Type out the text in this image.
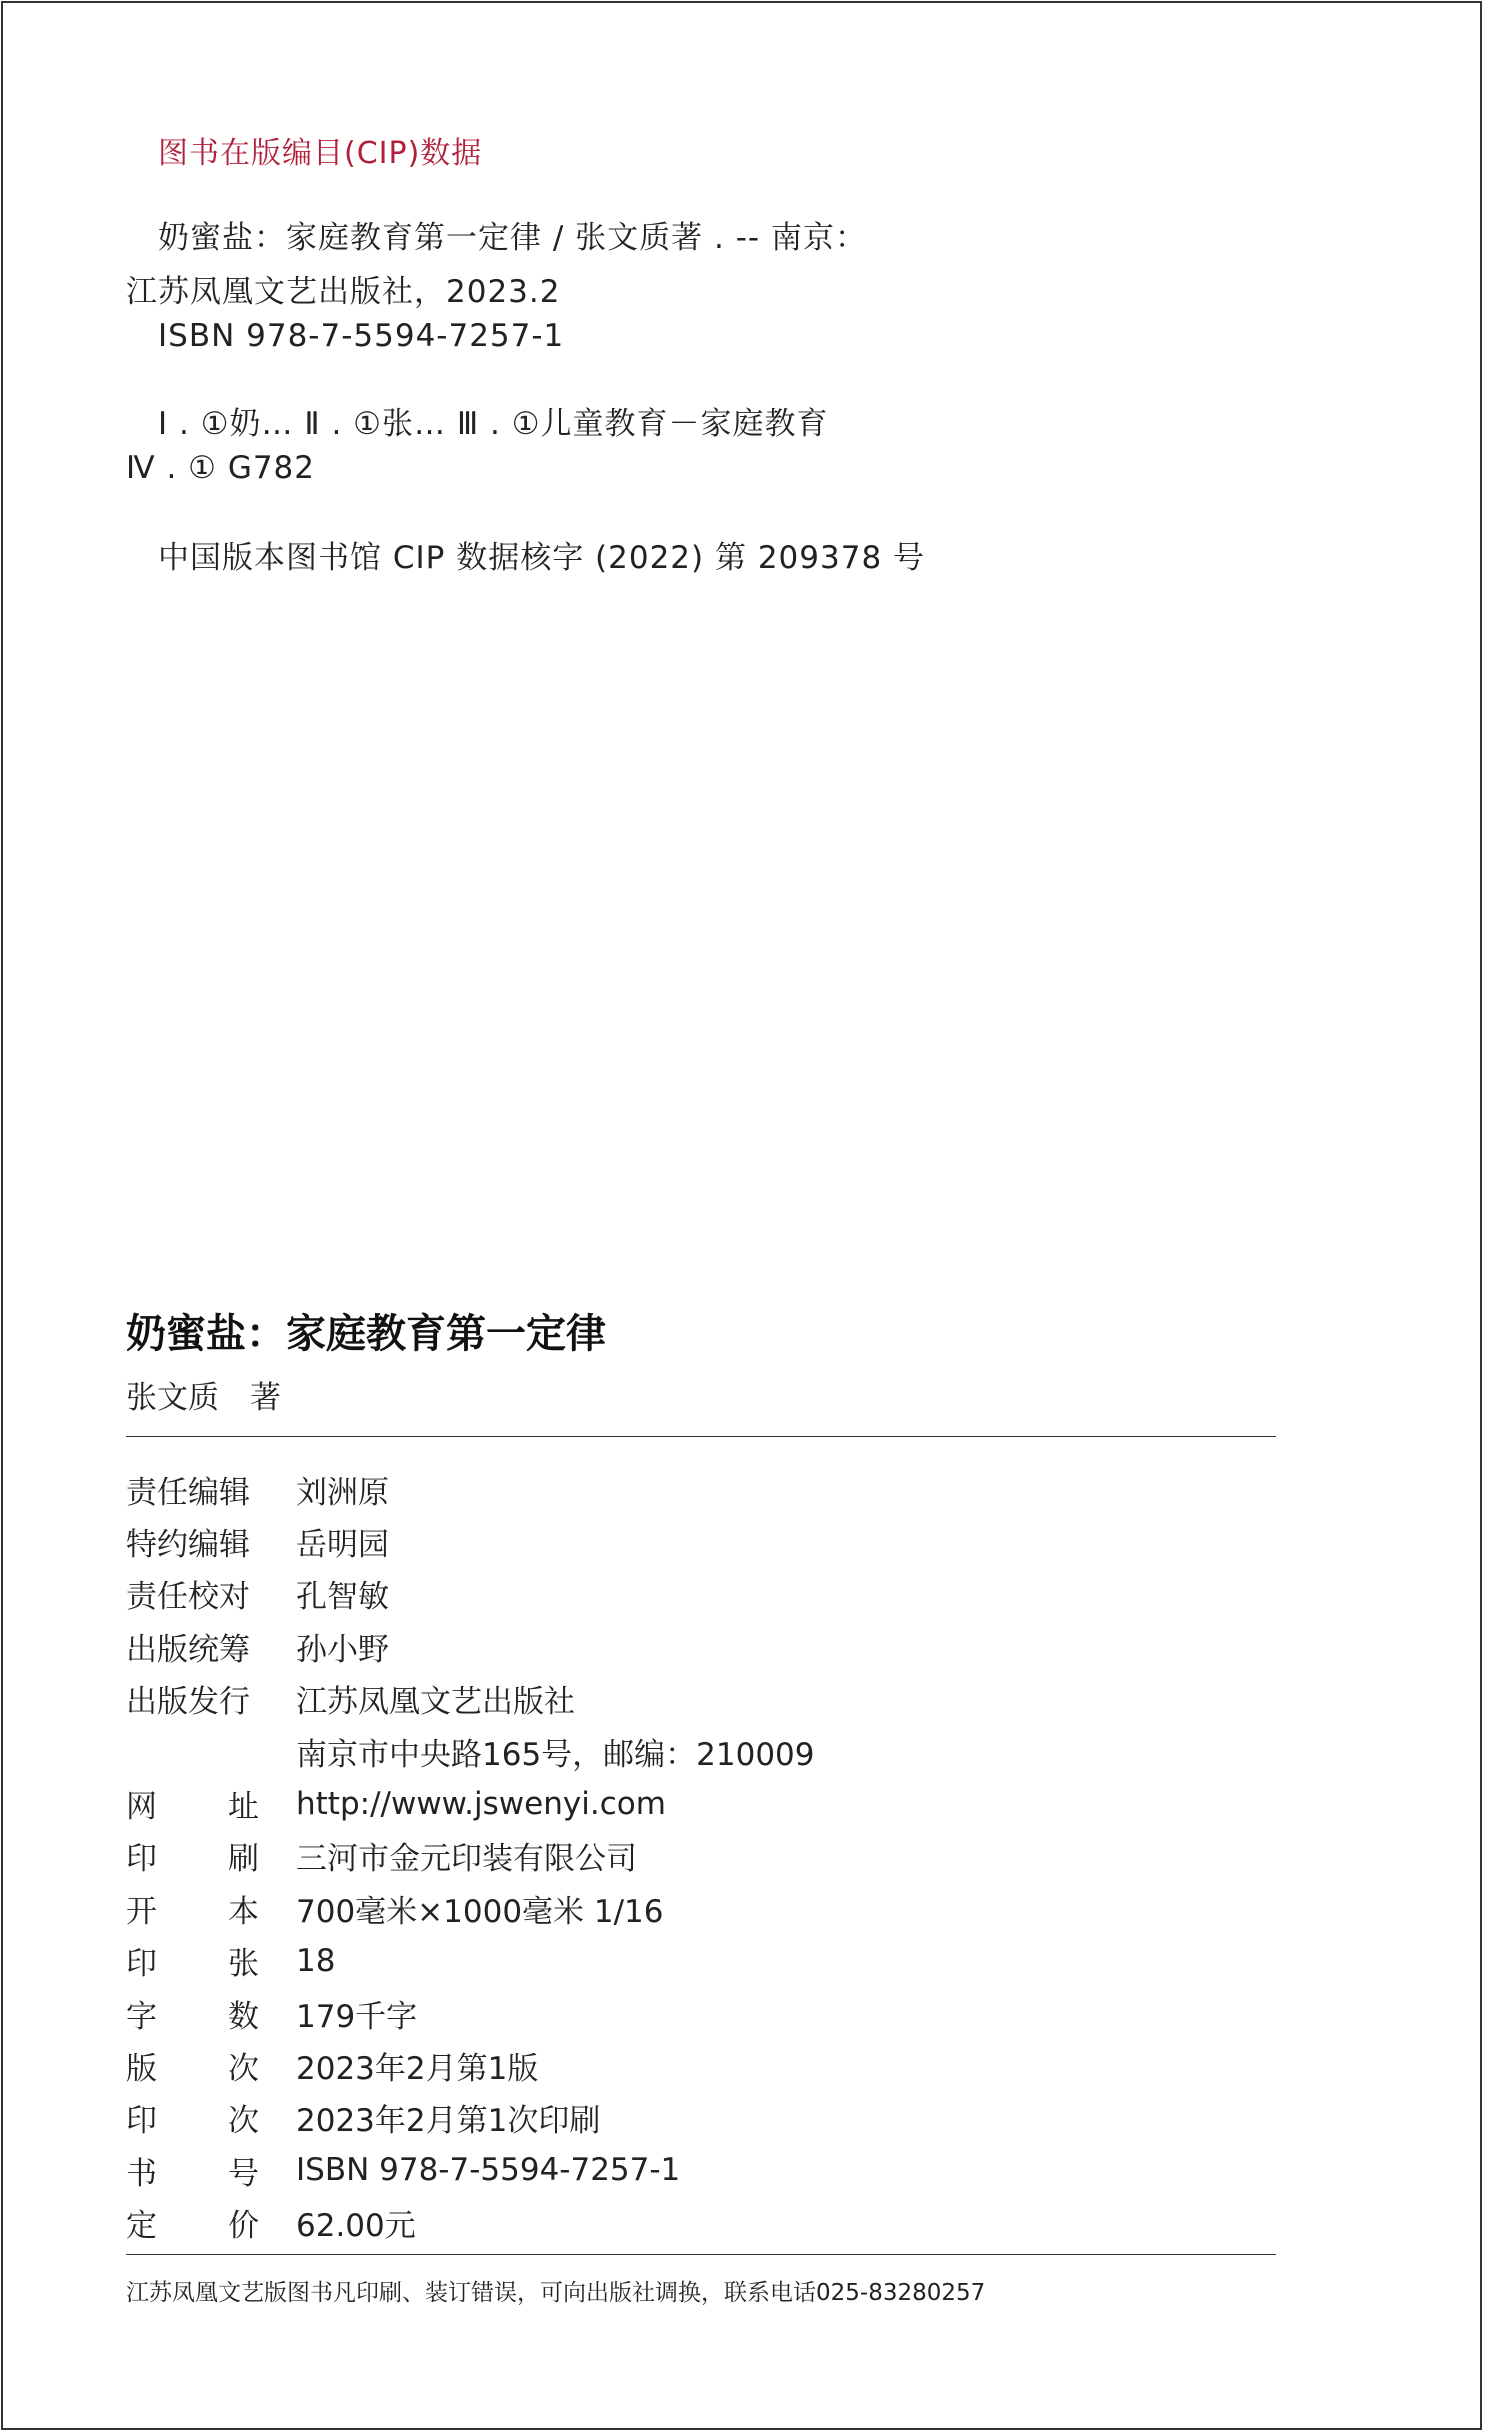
图书在版编目(CIP)数据
奶蜜盐：家庭教育第一定律 / 张文质著 . -- 南京：
江苏凤凰文艺出版社，2023.2
ISBN 978-7-5594-7257-1
Ⅰ . ①奶… Ⅱ . ①张… Ⅲ . ①儿童教育－家庭教育
Ⅳ . ① G782
中国版本图书馆 CIP 数据核字 (2022) 第 209378 号
奶蜜盐：家庭教育第一定律
张文质　著
责任编辑	刘洲原
特约编辑	岳明园
责任校对	孔智敏
出版统筹	孙小野
出版发行	江苏凤凰文艺出版社
南京市中央路165号，邮编：210009
网址 http://www.jswenyi.com
印刷 三河市金元印装有限公司
开本 700毫米×1000毫米 1/16
印张 18
字数 179千字
版次 2023年2月第1版
印次 2023年2月第1次印刷
书号 ISBN 978-7-5594-7257-1
定价 62.00元
江苏凤凰文艺版图书凡印刷、装订错误，可向出版社调换，联系电话025-83280257
